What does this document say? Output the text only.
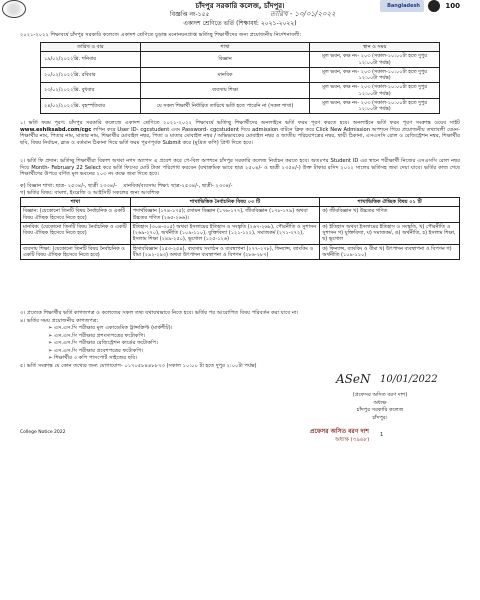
চাঁদপুর সরকারি কলেজ, চাঁদপুর।
বিজ্ঞপ্তি নং-১৫৫	তারিখ - ১০/০১/২০২২
একাদশ শ্রেণিতে ভর্তি (শিক্ষাবর্ষ: ২০২১-২০২২)
Bangladesh	100
২০২১-২০২২ শিক্ষাবর্ষে চাঁদপুর সরকারি কলেজে একাদশ শ্রেণিতে চূড়ান্ত মনোনয়নপ্রাপ্ত ভর্তিচ্ছু শিক্ষার্থীদের জন্য প্রয়োজনীয় নির্দেশনাবলী:
তারিখ ও বার	শাখা	স্থান ও সময়
১৯/০২/২০২২খ্রি. শনিবার	বিজ্ঞান	মূল ভবন, কক্ষ নং- ২০৩ (সকাল-১০:০০টা হতে দুপুর ১২:০০টা পর্যন্ত)
২০/০২/২০২২খ্রি. রবিবার	মানবিক	মূল ভবন, কক্ষ নং- ২০৩ (সকাল-১০:০০টা হতে দুপুর ১২:০০টা পর্যন্ত)
২৩/০২/২০২২খ্রি. বুধবার	ব্যবসায় শিক্ষা	মূল ভবন, কক্ষ নং- ২০৩ (সকাল-১০:০০টা হতে দুপুর ১২:০০টা পর্যন্ত)
২৪/০২/২০২২খ্রি. বৃহস্পতিবার	যে সকল শিক্ষার্থী নির্ধারিত তারিখে ভর্তি হতে পারেনি না (সকল শাখা)	মূল ভবন, কক্ষ নং- ২০৩ (সকাল-১০:০০টা হতে দুপুর ১২:০০টা পর্যন্ত)
১। ভর্তি ফরম পূরণ: চাঁদপুর সরকারি কলেজে একাদশ শ্রেণিতে ২০২১-২০২২ শিক্ষাবর্ষে ভর্তিচ্ছু শিক্ষার্থীদের অনলাইনে ভর্তি ফরম পূরণ করতে হবে। অনলাইনে ভর্তি ফরম পূরণ সংক্রান্ত ওয়েব সাইট www.eshiksabd.com/cgc লগিন করে User ID- cgcstudent এবং Password- cgcstudent দিয়ে admission বাটনে ক্লিক করে Click New Admission অপশনে গিয়ে প্রয়োজনীয় তথ্যাবলী যেমন- শিক্ষার্থীর নাম, পিতার নাম, মাতার নাম, শিক্ষার্থীর মোবাইল নম্বর, পিতা ও মাতার মোবাইল নম্বর / অভিভাবকের মোবাইল নম্বর ও জাতীয় পরিচয়পত্রের নম্বর, স্থায়ী ঠিকানা, এসএসসি রোল ও রেজিস্ট্রেশন নম্বর, শিক্ষার্থীর ছবি, বিষয় নির্বাচন, ব্লাড ও বর্তমান ঠিকানা দিয়ে ভর্তি ফরম পূরণপূর্বক Submit করে (মুদ্রিত কপি) প্রিন্ট দিতে হবে।
২। ভর্তি ফি প্রদান: ভর্তিচ্ছু শিক্ষার্থীরা বিকাশ অথবা নগদ অ্যাপস এ প্রবেশ করে পে-বিল অপশনে চাঁদপুর সরকারি কলেজ নির্বাচন করতে হবে। অতঃপর Student ID এর স্থানে পরীক্ষার্থী নিজের এসএসসি রোল নম্বর দিয়ে Month- February 22 Select করে ভর্তি ফিসের মোট টাকা পরিশোধ করবেন (যথাক্রমিক ভাবে ছাত্র ২৫০৪/- ও ছাত্রী ২৩৫৪/-) উক্ত টাকার রসিদ ২০২২ সালের ভর্তিসহ জমা দেয়া যাবে। ভর্তির কাজ শেষে শিক্ষার্থীদের উপরে বর্ণিত মূল ভবনের ২০৩ নং কক্ষে জমা দিতে হবে।
ক) বিজ্ঞান শাখা: ছাত্র- ২৫৩৪/-, ছাত্রী ২৩৩৪/- মানবিক/ব্যবসায় শিক্ষা: ছাত্র-২৫৩৪/-, ছাত্রী- ২৩৩৪/-
গ) ভর্তির বিষয়: বাংলা, ইংরেজি ও আইসিটি সকলের জন্য আবশ্যিক
শাখা	শাখাভিত্তিক নৈর্বাচনিক বিষয় ০৩ টি	শাখাভিত্তিক ঐচ্ছিক বিষয় ০১ টি
বিজ্ঞান: (যেকোনো তিনটি বিষয় নৈর্বাচনিক ও একটি বিষয় ঐচ্ছিক হিসেবে নিতে হবে)	পদার্থবিজ্ঞান (১৭৪-১৭৫); রসায়ন বিজ্ঞান (১৭৬-১৭৭), জীববিজ্ঞান (১৭৮-১৭৯) অথবা উচ্চতর গণিত (২৬৫-২৬৬)।	ক) জীববিজ্ঞান খ) উচ্চতর গণিত
মানবিক: (যেকোনো তিনটি বিষয় নৈর্বাচনিক ও একটি বিষয় ঐচ্ছিক হিসেবে নিতে হবে)	ইতিহাস (৩০৪-৩০৫) অথবা ইসলামের ইতিহাস ও সংস্কৃতি (২৬৭-২৬৮), পৌরনীতি ও সুশাসন (২৬৯-২৭০), অর্থনীতি (১০৯-১১০), যুক্তিবিদ্যা (১২১-১২২), সমাজকর্ম (২৭১-২৭২), ইসলাম শিক্ষা (২৪৯-২৫০), ভূগোল (১২৫-১২৬)	ক) ইতিহাস অথবা ইসলামের ইতিহাস ও সংস্কৃতি, খ) পৌরনীতি ও সুশাসন গ) যুক্তিবিদ্যা, ঘ) সমাজকর্ম, ঙ) অর্থনীতি, চ) ইসলাম শিক্ষা, ছ) ভূগোল
ব্যবসায় শিক্ষা: (যেকোনো তিনটি বিষয় নৈর্বাচনিক ও একটি বিষয় ঐচ্ছিক হিসেবে নিতে হবে)	হিসাববিজ্ঞান (২৫৩-২৫৪), ব্যবসায় সংগঠন ও ব্যবস্থাপনা (২৭৭-২৭৮), ফিন্যান্স, ব্যাংকিং ও বীমা (২৯২-২৯৩) অথবা উৎপাদন ব্যবস্থাপনা ও বিপণন (২৮৬-২৮৭)	ক) ফিন্যান্স, ব্যাংকিং ও বীমা খ) উৎপাদন ব্যবস্থাপনা ও বিপণন গ) অর্থনীতি (১০৯-১১০)
৩। প্রত্যেক শিক্ষার্থীর ভর্তি কাগজপত্র ও কলেজের সকল তথ্য যথাযথভাবে নিতে হবে। ভর্তির পর আরোপিত বিষয় পরিবর্তন করা যাবে না।
৪। ভর্তির সময় প্রয়োজনীয় কাগজপত্র:
➢ এস.এস.সি পরীক্ষার মূল একাডেমিক ট্রান্সক্রিপ্ট (মার্কশীট)।
➢ এস.এস.সি পরীক্ষার প্রশংসাপত্রের ফটোকপি।
➢ এস.এস.সি পরীক্ষার রেজিস্ট্রেশন কার্ডের ফটোকপি।
➢ এস.এস.সি পরীক্ষার প্রবেশপত্রের ফটোকপি।
➢ শিক্ষার্থীর ৩ কপি পাসপোর্ট সাইজের ছবি।
৫। ভর্তি সংক্রান্ত যে কোন তথ্যের জন্য যোগাযোগ- ০১৭০৫৮৪৪৮৮৭৩ (সকাল ১০:০০ টা হতে দুপুর ২:০০টা পর্যন্ত)
ASeN 10/01/2022
(প্রফেসর অসিত বরণ দাশ)
অধ্যক্ষ
চাঁদপুর সরকারি কলেজ
চাঁদপুর।
প্রফেসর অসিত বরণ দাশ
অধ্যক্ষ (৩৯৬৮)
College Notice 2022	1
